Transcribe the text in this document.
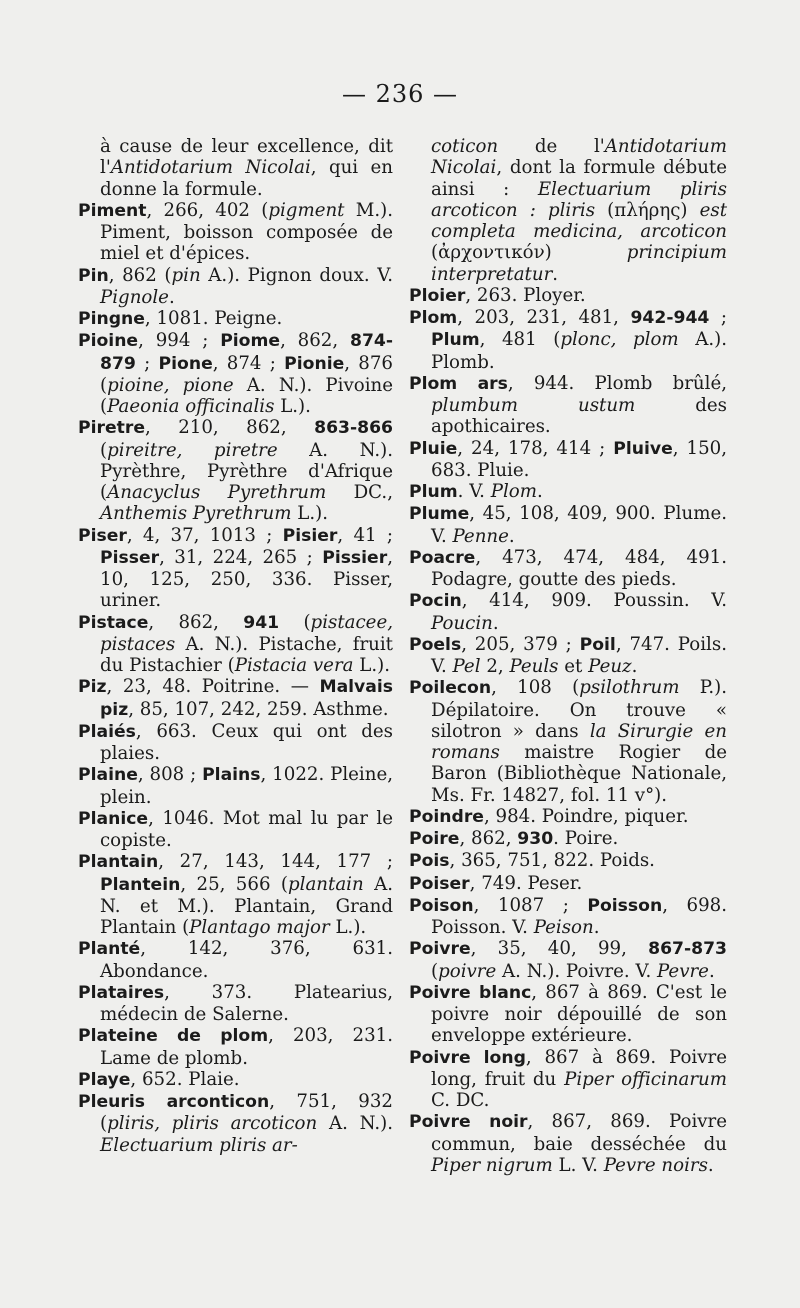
— 236 —

à cause de leur excellence, dit l'Antidotarium Nicolai, qui en donne la formule.

Piment, 266, 402 (pigment M.). Piment, boisson composée de miel et d'épices.

Pin, 862 (pin A.). Pignon doux. V. Pignole.

Pingne, 1081. Peigne.

Pioine, 994 ; Piome, 862, 874-879 ; Pione, 874 ; Pionie, 876 (pioine, pione A. N.). Pivoine (Paeonia officinalis L.).

Piretre, 210, 862, 863-866 (pireitre, piretre A. N.). Pyrèthre, Pyrèthre d'Afrique (Anacyclus Pyrethrum DC., Anthemis Pyrethrum L.).

Piser, 4, 37, 1013 ; Pisier, 41 ; Pisser, 31, 224, 265 ; Pissier, 10, 125, 250, 336. Pisser, uriner.

Pistace, 862, 941 (pistacee, pistaces A. N.). Pistache, fruit du Pistachier (Pistacia vera L.).

Piz, 23, 48. Poitrine. — Malvais piz, 85, 107, 242, 259. Asthme.

Plaiés, 663. Ceux qui ont des plaies.

Plaine, 808 ; Plains, 1022. Pleine, plein.

Planice, 1046. Mot mal lu par le copiste.

Plantain, 27, 143, 144, 177 ; Plantein, 25, 566 (plantain A. N. et M.). Plantain, Grand Plantain (Plantago major L.).

Planté, 142, 376, 631. Abondance.

Plataires, 373. Platearius, médecin de Salerne.

Plateine de plom, 203, 231. Lame de plomb.

Playe, 652. Plaie.

Pleuris arconticon, 751, 932 (pliris, pliris arcoticon A. N.). Electuarium pliris ar-

coticon de l'Antidotarium Nicolai, dont la formule débute ainsi : Electuarium pliris arcoticon : pliris (πλήρης) est completa medicina, arcoticon (ἀρχοντικόν) principium interpretatur.

Ploier, 263. Ployer.

Plom, 203, 231, 481, 942-944 ; Plum, 481 (plonc, plom A.). Plomb.

Plom ars, 944. Plomb brûlé, plumbum ustum des apothicaires.

Pluie, 24, 178, 414 ; Pluive, 150, 683. Pluie.

Plum. V. Plom.

Plume, 45, 108, 409, 900. Plume. V. Penne.

Poacre, 473, 474, 484, 491. Podagre, goutte des pieds.

Pocin, 414, 909. Poussin. V. Poucin.

Poels, 205, 379 ; Poil, 747. Poils. V. Pel 2, Peuls et Peuz.

Poilecon, 108 (psilothrum P.). Dépilatoire. On trouve « silotron » dans la Sirurgie en romans maistre Rogier de Baron (Bibliothèque Nationale, Ms. Fr. 14827, fol. 11 v°).

Poindre, 984. Poindre, piquer.

Poire, 862, 930. Poire.

Pois, 365, 751, 822. Poids.

Poiser, 749. Peser.

Poison, 1087 ; Poisson, 698. Poisson. V. Peison.

Poivre, 35, 40, 99, 867-873 (poivre A. N.). Poivre. V. Pevre.

Poivre blanc, 867 à 869. C'est le poivre noir dépouillé de son enveloppe extérieure.

Poivre long, 867 à 869. Poivre long, fruit du Piper officinarum C. DC.

Poivre noir, 867, 869. Poivre commun, baie desséchée du Piper nigrum L. V. Pevre noirs.
